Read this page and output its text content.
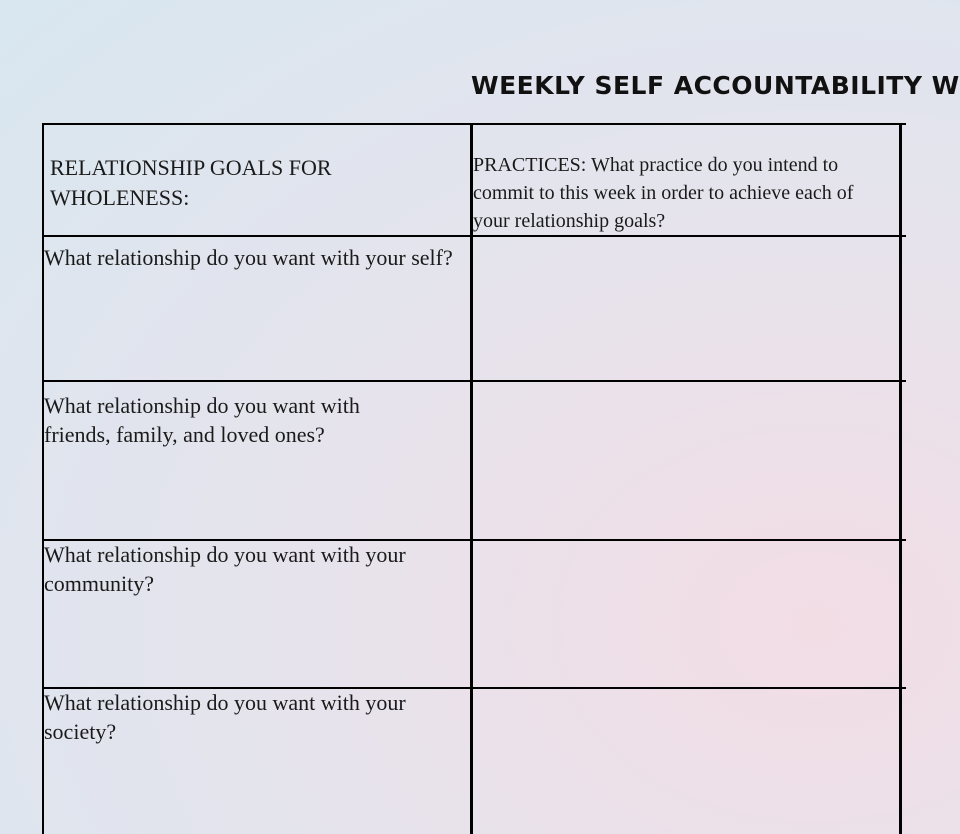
WEEKLY SELF ACCOUNTABILITY W
RELATIONSHIP GOALS FOR WHOLENESS:
PRACTICES: What practice do you intend to commit to this week in order to achieve each of your relationship goals?
What relationship do you want with your self?
What relationship do you want with friends, family, and loved ones?
What relationship do you want with your community?
What relationship do you want with your society?
